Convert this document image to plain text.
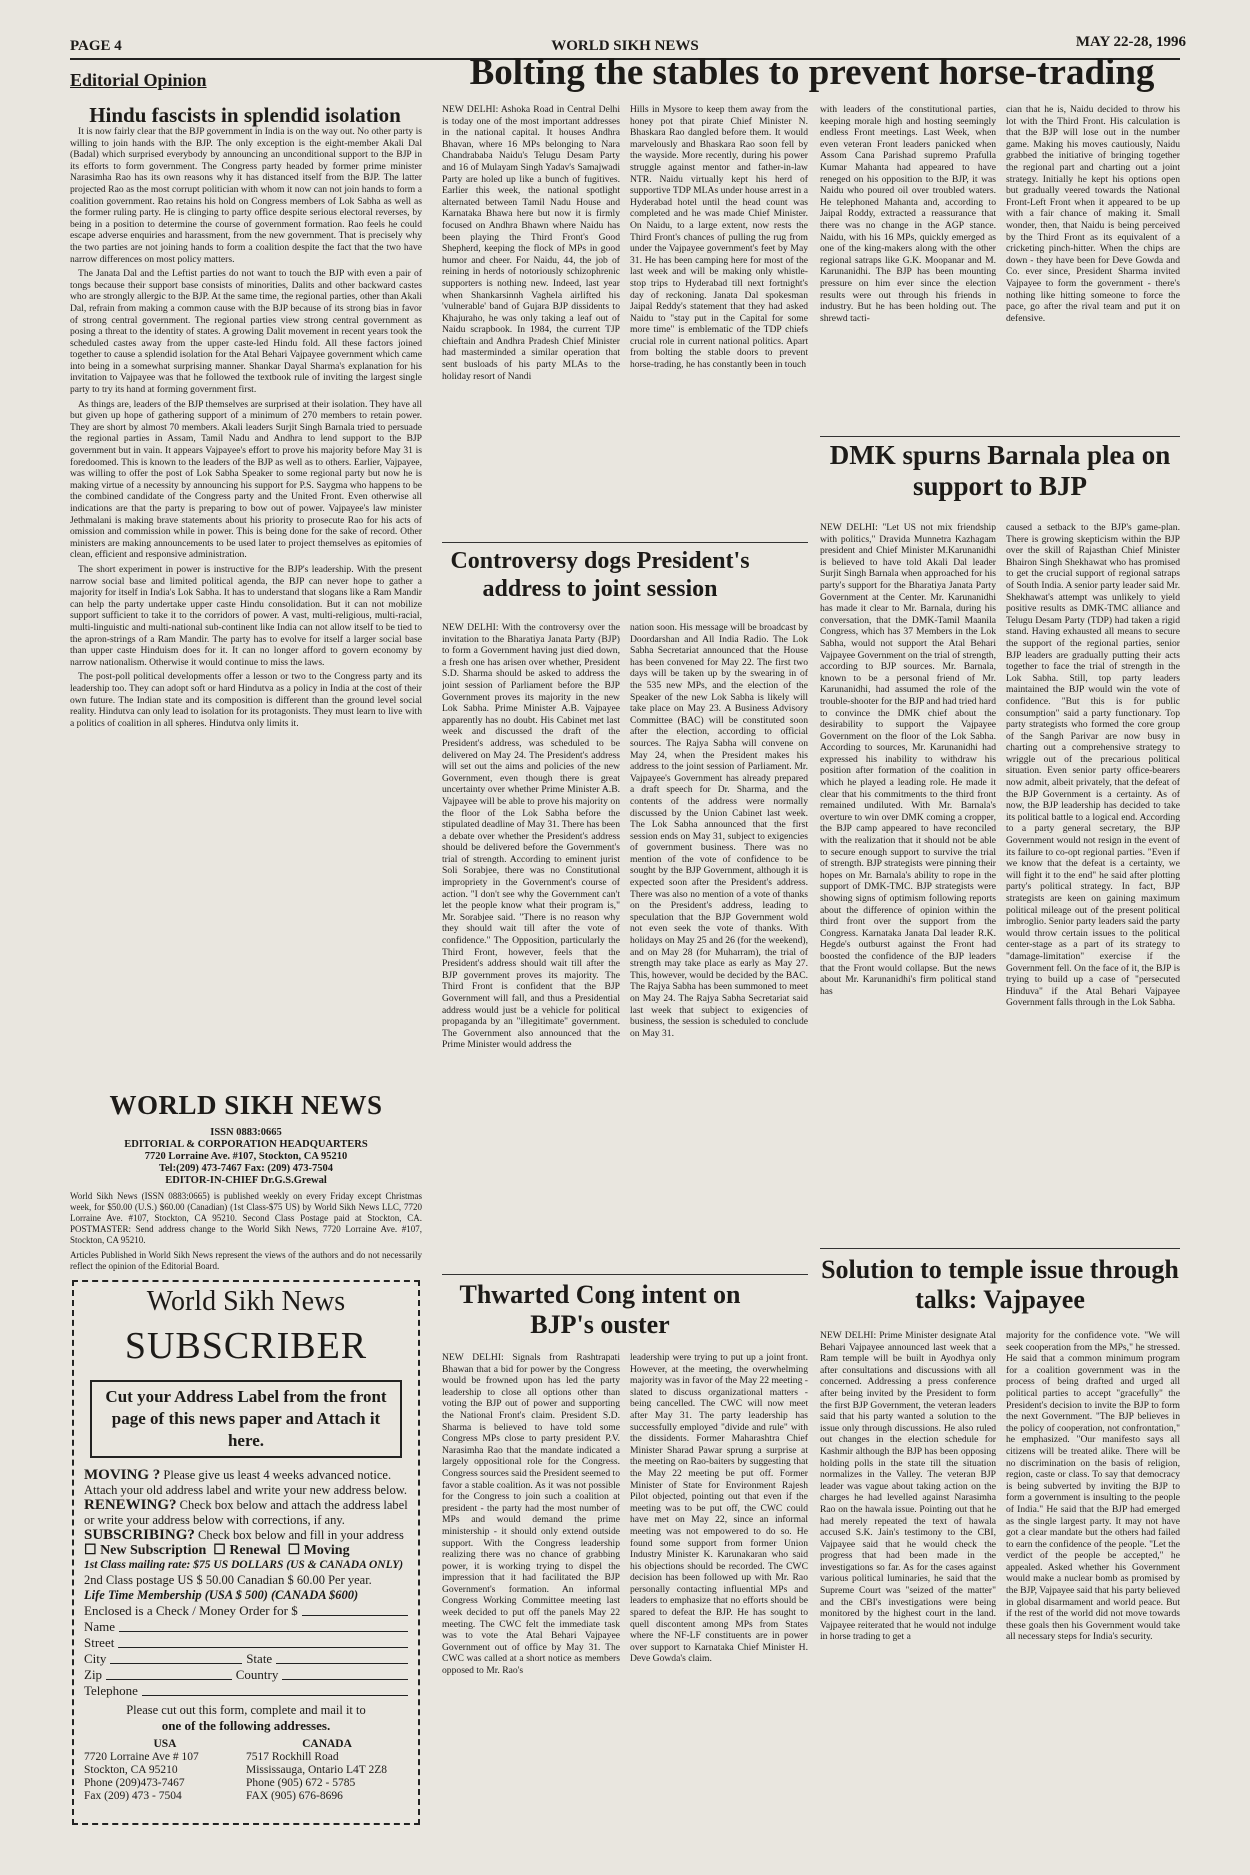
PAGE 4	WORLD SIKH NEWS	MAY 22-28, 1996
Editorial Opinion
Hindu fascists in splendid isolation

It is now fairly clear that the BJP government in India is on the way out. No other party is willing to join hands with the BJP. The only exception is the eight-member Akali Dal (Badal) which surprised everybody by announcing an unconditional support to the BJP in its efforts to form government. The Congress party headed by former prime minister Narasimha Rao has its own reasons why it has distanced itself from the BJP. The latter projected Rao as the most corrupt politician with whom it now can not join hands to form a coalition government. Rao retains his hold on Congress members of Lok Sabha as well as the former ruling party. He is clinging to party office despite serious electoral reverses, by being in a position to determine the course of government formation. Rao feels he could escape adverse enquiries and harassment, from the new government. That is precisely why the two parties are not joining hands to form a coalition despite the fact that the two have narrow differences on most policy matters.

The Janata Dal and the Leftist parties do not want to touch the BJP with even a pair of tongs because their support base consists of minorities, Dalits and other backward castes who are strongly allergic to the BJP. At the same time, the regional parties, other than Akali Dal, refrain from making a common cause with the BJP because of its strong bias in favor of strong central government. The regional parties view strong central government as posing a threat to the identity of states. A growing Dalit movement in recent years took the scheduled castes away from the upper caste-led Hindu fold. All these factors joined together to cause a splendid isolation for the Atal Behari Vajpayee government which came into being in a somewhat surprising manner. Shankar Dayal Sharma's explanation for his invitation to Vajpayee was that he followed the textbook rule of inviting the largest single party to try its hand at forming government first.

As things are, leaders of the BJP themselves are surprised at their isolation. They have all but given up hope of gathering support of a minimum of 270 members to retain power. They are short by almost 70 members. Akali leaders Surjit Singh Barnala tried to persuade the regional parties in Assam, Tamil Nadu and Andhra to lend support to the BJP government but in vain. It appears Vajpayee's effort to prove his majority before May 31 is foredoomed. This is known to the leaders of the BJP as well as to others. Earlier, Vajpayee, was willing to offer the post of Lok Sabha Speaker to some regional party but now he is making virtue of a necessity by announcing his support for P.S. Saygma who happens to be the combined candidate of the Congress party and the United Front. Even otherwise all indications are that the party is preparing to bow out of power. Vajpayee's law minister Jethmalani is making brave statements about his priority to prosecute Rao for his acts of omission and commission while in power. This is being done for the sake of record. Other ministers are making announcements to be used later to project themselves as epitomies of clean, efficient and responsive administration.

The short experiment in power is instructive for the BJP's leadership. With the present narrow social base and limited political agenda, the BJP can never hope to gather a majority for itself in India's Lok Sabha. It has to understand that slogans like a Ram Mandir can help the party undertake upper caste Hindu consolidation. But it can not mobilize support sufficient to take it to the corridors of power. A vast, multi-religious, multi-racial, multi-linguistic and multi-national sub-continent like India can not allow itself to be tied to the apron-strings of a Ram Mandir. The party has to evolve for itself a larger social base than upper caste Hinduism does for it. It can no longer afford to govern economy by narrow nationalism. Otherwise it would continue to miss the laws.

The post-poll political developments offer a lesson or two to the Congress party and its leadership too. They can adopt soft or hard Hindutva as a policy in India at the cost of their own future. The Indian state and its composition is different than the ground level social reality. Hindutva can only lead to isolation for its protagonists. They must learn to live with a politics of coalition in all spheres. Hindutva only limits it.

WORLD SIKH NEWS
ISSN 0883:0665
EDITORIAL & CORPORATION HEADQUARTERS
7720 Lorraine Ave. #107, Stockton, CA 95210
Tel:(209) 473-7467 Fax: (209) 473-7504
EDITOR-IN-CHIEF Dr.G.S.Grewal
World Sikh News (ISSN 0883:0665) is published weekly on every Friday except Christmas week, for $50.00 (U.S.) $60.00 (Canadian) (1st Class-$75 US) by World Sikh News LLC, 7720 Lorraine Ave. #107, Stockton, CA 95210. Second Class Postage paid at Stockton, CA. POSTMASTER: Send address change to the World Sikh News, 7720 Lorraine Ave. #107, Stockton, CA 95210.
Articles Published in World Sikh News represent the views of the authors and do not necessarily reflect the opinion of the Editorial Board.
World Sikh News
SUBSCRIBER
Cut your Address Label from the front page of this news paper and Attach it here.

MOVING ? Please give us least 4 weeks advanced notice. Attach your old address label and write your new address below.

RENEWING? Check box below and attach the address label or write your address below with corrections, if any.

SUBSCRIBING? Check box below and fill in your address

☐ New Subscription ☐ Renewal ☐ Moving

1st Class mailing rate: $75 US DOLLARS (US & CANADA ONLY)

2nd Class postage US $ 50.00 Canadian $ 60.00 Per year.

Life Time Membership (USA $ 500) (CANADA $600)

Enclosed is a Check / Money Order for $
Name
Street
City	State
Zip	Country
Telephone

Please cut out this form, complete and mail it to
one of the following addresses.

USA
7720 Lorraine Ave # 107
Stockton, CA 95210
Phone (209)473-7467
Fax (209) 473 - 7504
CANADA
7517 Rockhill Road
Mississauga, Ontario L4T 2Z8
Phone (905) 672 - 5785
FAX (905) 676-8696
Bolting the stables to prevent horse-trading
NEW DELHI: Ashoka Road in Central Delhi is today one of the most important addresses in the national capital. It houses Andhra Bhavan, where 16 MPs belonging to Nara Chandrababa Naidu's Telugu Desam Party and 16 of Mulayam Singh Yadav's Samajwadi Party are holed up like a bunch of fugitives. Earlier this week, the national spotlight alternated between Tamil Nadu House and Karnataka Bhawa here but now it is firmly focused on Andhra Bhawn where Naidu has been playing the Third Front's Good Shepherd, keeping the flock of MPs in good humor and cheer. For Naidu, 44, the job of reining in herds of notoriously schizophrenic supporters is nothing new. Indeed, last year when Shankarsinnh Vaghela airlifted his 'vulnerable' band of Gujara BJP dissidents to Khajuraho, he was only taking a leaf out of Naidu scrapbook. In 1984, the current TJP chieftain and Andhra Pradesh Chief Minister had masterminded a similar operation that sent busloads of his party MLAs to the holiday resort of Nandi
Hills in Mysore to keep them away from the honey pot that pirate Chief Minister N. Bhaskara Rao dangled before them. It would marvelously and Bhaskara Rao soon fell by the wayside. More recently, during his power struggle against mentor and father-in-law NTR. Naidu virtually kept his herd of supportive TDP MLAs under house arrest in a Hyderabad hotel until the head count was completed and he was made Chief Minister. On Naidu, to a large extent, now rests the Third Front's chances of pulling the rug from under the Vajpayee government's feet by May 31. He has been camping here for most of the last week and will be making only whistle-stop trips to Hyderabad till next fortnight's day of reckoning. Janata Dal spokesman Jaipal Reddy's statement that they had asked Naidu to "stay put in the Capital for some more time" is emblematic of the TDP chiefs crucial role in current national politics. Apart from bolting the stable doors to prevent horse-trading, he has constantly been in touch
with leaders of the constitutional parties, keeping morale high and hosting seemingly endless Front meetings. Last Week, when even veteran Front leaders panicked when Assom Cana Parishad supremo Prafulla Kumar Mahanta had appeared to have reneged on his opposition to the BJP, it was Naidu who poured oil over troubled waters. He telephoned Mahanta and, according to Jaipal Roddy, extracted a reassurance that there was no change in the AGP stance. Naidu, with his 16 MPs, quickly emerged as one of the king-makers along with the other regional satraps like G.K. Moopanar and M. Karunanidhi. The BJP has been mounting pressure on him ever since the election results were out through his friends in industry. But he has been holding out. The shrewd tacti-
cian that he is, Naidu decided to throw his lot with the Third Front. His calculation is that the BJP will lose out in the number game. Making his moves cautiously, Naidu grabbed the initiative of bringing together the regional part and charting out a joint strategy. Initially he kept his options open but gradually veered towards the National Front-Left Front when it appeared to be up with a fair chance of making it. Small wonder, then, that Naidu is being perceived by the Third Front as its equivalent of a cricketing pinch-hitter. When the chips are down - they have been for Deve Gowda and Co. ever since, President Sharma invited Vajpayee to form the government - there's nothing like hitting someone to force the pace, go after the rival team and put it on defensive.
Controversy dogs President's address to joint session
NEW DELHI: With the controversy over the invitation to the Bharatiya Janata Party (BJP) to form a Government having just died down, a fresh one has arisen over whether, President S.D. Sharma should be asked to address the joint session of Parliament before the BJP Government proves its majority in the new Lok Sabha. Prime Minister A.B. Vajpayee apparently has no doubt. His Cabinet met last week and discussed the draft of the President's address, was scheduled to be delivered on May 24. The President's address will set out the aims and policies of the new Government, even though there is great uncertainty over whether Prime Minister A.B. Vajpayee will be able to prove his majority on the floor of the Lok Sabha before the stipulated deadline of May 31. There has been a debate over whether the President's address should be delivered before the Government's trial of strength. According to eminent jurist Soli Sorabjee, there was no Constitutional impropriety in the Government's course of action. "I don't see why the Government can't let the people know what their program is," Mr. Sorabjee said. "There is no reason why they should wait till after the vote of confidence." The Opposition, particularly the Third Front, however, feels that the President's address should wait till after the BJP government proves its majority. The Third Front is confident that the BJP Government will fall, and thus a Presidential address would just be a vehicle for political propaganda by an "illegitimate" government. The Government also announced that the Prime Minister would address the
nation soon. His message will be broadcast by Doordarshan and All India Radio. The Lok Sabha Secretariat announced that the House has been convened for May 22. The first two days will be taken up by the swearing in of the 535 new MPs, and the election of the Speaker of the new Lok Sabha is likely will take place on May 23. A Business Advisory Committee (BAC) will be constituted soon after the election, according to official sources. The Rajya Sabha will convene on May 24, when the President makes his address to the joint session of Parliament. Mr. Vajpayee's Government has already prepared a draft speech for Dr. Sharma, and the contents of the address were normally discussed by the Union Cabinet last week. The Lok Sabha announced that the first session ends on May 31, subject to exigencies of government business. There was no mention of the vote of confidence to be sought by the BJP Government, although it is expected soon after the President's address. There was also no mention of a vote of thanks on the President's address, leading to speculation that the BJP Government wold not even seek the vote of thanks. With holidays on May 25 and 26 (for the weekend), and on May 28 (for Muharram), the trial of strength may take place as early as May 27. This, however, would be decided by the BAC. The Rajya Sabha has been summoned to meet on May 24. The Rajya Sabha Secretariat said last week that subject to exigencies of business, the session is scheduled to conclude on May 31.
DMK spurns Barnala plea on support to BJP
NEW DELHI: "Let US not mix friendship with politics," Dravida Munnetra Kazhagam president and Chief Minister M.Karunanidhi is believed to have told Akali Dal leader Surjit Singh Barnala when approached for his party's support for the Bharatiya Janata Party Government at the Center. Mr. Karunanidhi has made it clear to Mr. Barnala, during his conversation, that the DMK-Tamil Maanila Congress, which has 37 Members in the Lok Sabha, would not support the Atal Behari Vajpayee Government on the trial of strength, according to BJP sources. Mr. Barnala, known to be a personal friend of Mr. Karunanidhi, had assumed the role of the trouble-shooter for the BJP and had tried hard to convince the DMK chief about the desirability to support the Vajpayee Government on the floor of the Lok Sabha. According to sources, Mr. Karunanidhi had expressed his inability to withdraw his position after formation of the coalition in which he played a leading role. He made it clear that his commitments to the third front remained undiluted. With Mr. Barnala's overture to win over DMK coming a cropper, the BJP camp appeared to have reconciled with the realization that it should not be able to secure enough support to survive the trial of strength. BJP strategists were pinning their hopes on Mr. Barnala's ability to rope in the support of DMK-TMC. BJP strategists were showing signs of optimism following reports about the difference of opinion within the third front over the support from the Congress. Karnataka Janata Dal leader R.K. Hegde's outburst against the Front had boosted the confidence of the BJP leaders that the Front would collapse. But the news about Mr. Karunanidhi's firm political stand has
caused a setback to the BJP's game-plan. There is growing skepticism within the BJP over the skill of Rajasthan Chief Minister Bhairon Singh Shekhawat who has promised to get the crucial support of regional satraps of South India. A senior party leader said Mr. Shekhawat's attempt was unlikely to yield positive results as DMK-TMC alliance and Telugu Desam Party (TDP) had taken a rigid stand. Having exhausted all means to secure the support of the regional parties, senior BJP leaders are gradually putting their acts together to face the trial of strength in the Lok Sabha. Still, top party leaders maintained the BJP would win the vote of confidence. "But this is for public consumption" said a party functionary. Top party strategists who formed the core group of the Sangh Parivar are now busy in charting out a comprehensive strategy to wriggle out of the precarious political situation. Even senior party office-bearers now admit, albeit privately, that the defeat of the BJP Government is a certainty. As of now, the BJP leadership has decided to take its political battle to a logical end. According to a party general secretary, the BJP Government would not resign in the event of its failure to co-opt regional parties. "Even if we know that the defeat is a certainty, we will fight it to the end" he said after plotting party's political strategy. In fact, BJP strategists are keen on gaining maximum political mileage out of the present political imbroglio. Senior party leaders said the party would throw certain issues to the political center-stage as a part of its strategy to "damage-limitation" exercise if the Government fell. On the face of it, the BJP is trying to build up a case of "persecuted Hinduva" if the Atal Behari Vajpayee Government falls through in the Lok Sabha.
Thwarted Cong intent on BJP's ouster
NEW DELHI: Signals from Rashtrapati Bhawan that a bid for power by the Congress would be frowned upon has led the party leadership to close all options other than voting the BJP out of power and supporting the National Front's claim. President S.D. Sharma is believed to have told some Congress MPs close to party president P.V. Narasimha Rao that the mandate indicated a largely oppositional role for the Congress. Congress sources said the President seemed to favor a stable coalition. As it was not possible for the Congress to join such a coalition at president - the party had the most number of MPs and would demand the prime ministership - it should only extend outside support. With the Congress leadership realizing there was no chance of grabbing power, it is working trying to dispel the impression that it had facilitated the BJP Government's formation. An informal Congress Working Committee meeting last week decided to put off the panels May 22 meeting. The CWC felt the immediate task was to vote the Atal Behari Vajpayee Government out of office by May 31. The CWC was called at a short notice as members opposed to Mr. Rao's
leadership were trying to put up a joint front. However, at the meeting, the overwhelming majority was in favor of the May 22 meeting - slated to discuss organizational matters - being cancelled. The CWC will now meet after May 31. The party leadership has successfully employed "divide and rule" with the dissidents. Former Maharashtra Chief Minister Sharad Pawar sprung a surprise at the meeting on Rao-baiters by suggesting that the May 22 meeting be put off. Former Minister of State for Environment Rajesh Pilot objected, pointing out that even if the meeting was to be put off, the CWC could have met on May 22, since an informal meeting was not empowered to do so. He found some support from former Union Industry Minister K. Karunakaran who said his objections should be recorded. The CWC decision has been followed up with Mr. Rao personally contacting influential MPs and leaders to emphasize that no efforts should be spared to defeat the BJP. He has sought to quell discontent among MPs from States where the NF-LF constituents are in power over support to Karnataka Chief Minister H. Deve Gowda's claim.
Solution to temple issue through talks: Vajpayee
NEW DELHI: Prime Minister designate Atal Behari Vajpayee announced last week that a Ram temple will be built in Ayodhya only after consultations and discussions with all concerned. Addressing a press conference after being invited by the President to form the first BJP Government, the veteran leaders said that his party wanted a solution to the issue only through discussions. He also ruled out changes in the election schedule for Kashmir although the BJP has been opposing holding polls in the state till the situation normalizes in the Valley. The veteran BJP leader was vague about taking action on the charges he had levelled against Narasimha Rao on the hawala issue. Pointing out that he had merely repeated the text of hawala accused S.K. Jain's testimony to the CBI, Vajpayee said that he would check the progress that had been made in the investigations so far. As for the cases against various political luminaries, he said that the Supreme Court was "seized of the matter" and the CBI's investigations were being monitored by the highest court in the land. Vajpayee reiterated that he would not indulge in horse trading to get a
majority for the confidence vote. "We will seek cooperation from the MPs," he stressed. He said that a common minimum program for a coalition government was in the process of being drafted and urged all political parties to accept "gracefully" the President's decision to invite the BJP to form the next Government. "The BJP believes in the policy of cooperation, not confrontation," he emphasized. "Our manifesto says all citizens will be treated alike. There will be no discrimination on the basis of religion, region, caste or class. To say that democracy is being subverted by inviting the BJP to form a government is insulting to the people of India." He said that the BJP had emerged as the single largest party. It may not have got a clear mandate but the others had failed to earn the confidence of the people. "Let the verdict of the people be accepted," he appealed. Asked whether his Government would make a nuclear bomb as promised by the BJP, Vajpayee said that his party believed in global disarmament and world peace. But if the rest of the world did not move towards these goals then his Government would take all necessary steps for India's security.
